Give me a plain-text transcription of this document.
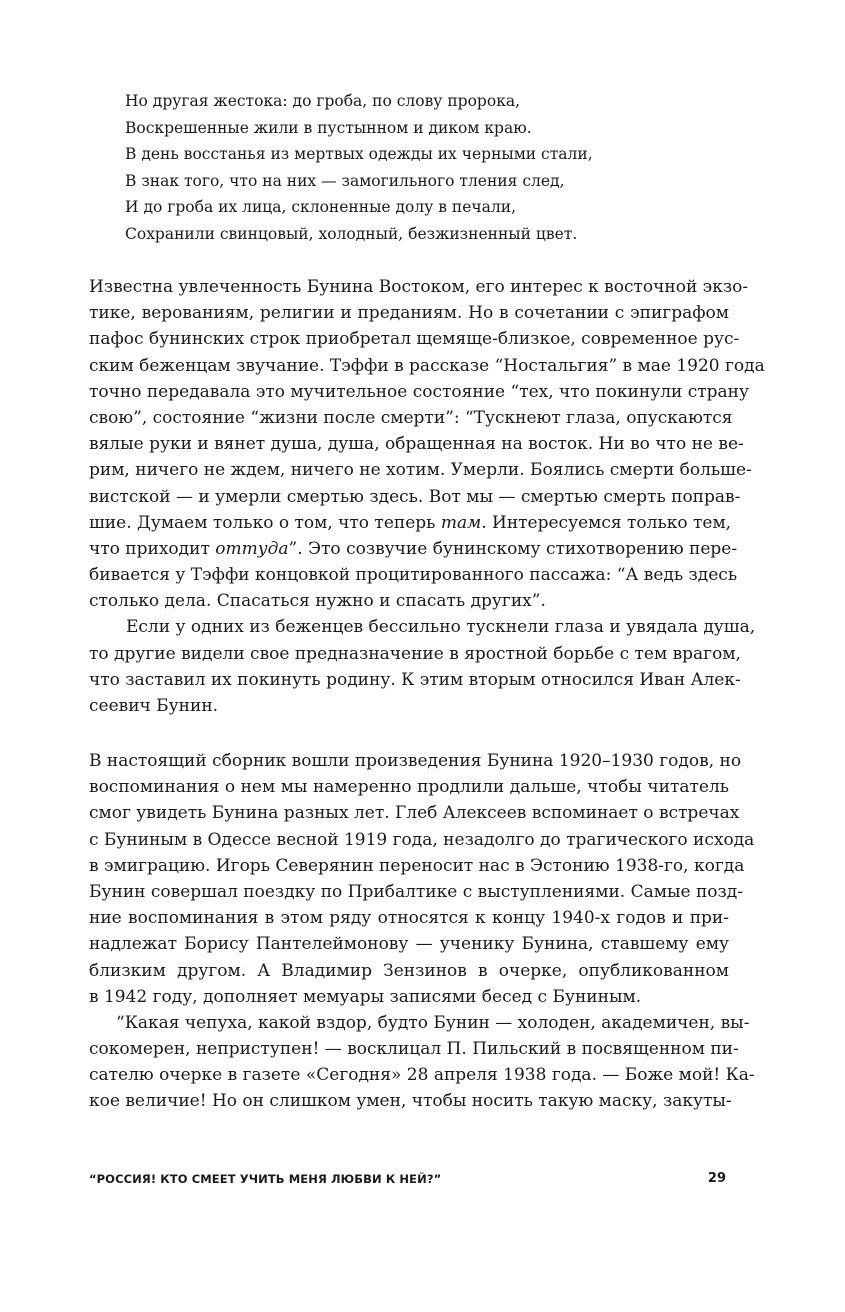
Но другая жестока: до гроба, по слову пророка,
Воскрешенные жили в пустынном и диком краю.
В день восстанья из мертвых одежды их черными стали,
В знак того, что на них — замогильного тления след,
И до гроба их лица, склоненные долу в печали,
Сохранили свинцовый, холодный, безжизненный цвет.
Известна увлеченность Бунина Востоком, его интерес к восточной экзо-
тике, верованиям, религии и преданиям. Но в сочетании с эпиграфом
пафос бунинских строк приобретал щемяще-близкое, современное рус-
ским беженцам звучание. Тэффи в рассказе “Ностальгия” в мае 1920 года
точно передавала это мучительное состояние “тех, что покинули страну
свою”, состояние “жизни после смерти”: “Тускнеют глаза, опускаются
вялые руки и вянет душа, душа, обращенная на восток. Ни во что не ве-
рим, ничего не ждем, ничего не хотим. Умерли. Боялись смерти больше-
вистской — и умерли смертью здесь. Вот мы — смертью смерть поправ-
шие. Думаем только о том, что теперь там. Интересуемся только тем,
что приходит оттуда”. Это созвучие бунинскому стихотворению пере-
бивается у Тэффи концовкой процитированного пассажа: “А ведь здесь
столько дела. Спасаться нужно и спасать других”.
Если у одних из беженцев бессильно тускнели глаза и увядала душа,
то другие видели свое предназначение в яростной борьбе с тем врагом,
что заставил их покинуть родину. К этим вторым относился Иван Алек-
сеевич Бунин.
В настоящий сборник вошли произведения Бунина 1920–1930 годов, но
воспоминания о нем мы намеренно продлили дальше, чтобы читатель
смог увидеть Бунина разных лет. Глеб Алексеев вспоминает о встречах
с Буниным в Одессе весной 1919 года, незадолго до трагического исхода
в эмиграцию. Игорь Северянин переносит нас в Эстонию 1938-го, когда
Бунин совершал поездку по Прибалтике с выступлениями. Самые позд-
ние воспоминания в этом ряду относятся к концу 1940-х годов и при-
надлежат Борису Пантелеймонову — ученику Бунина, ставшему ему
близким другом. А Владимир Зензинов в очерке, опубликованном
в 1942 году, дополняет мемуары записями бесед с Буниным.
“Какая чепуха, какой вздор, будто Бунин — холоден, академичен, вы-
сокомерен, неприступен! — восклицал П. Пильский в посвященном пи-
сателю очерке в газете «Сегодня» 28 апреля 1938 года. — Боже мой! Ка-
кое величие! Но он слишком умен, чтобы носить такую маску, закуты-
“РОССИЯ! КТО СМЕЕТ УЧИТЬ МЕНЯ ЛЮБВИ К НЕЙ?”	29
